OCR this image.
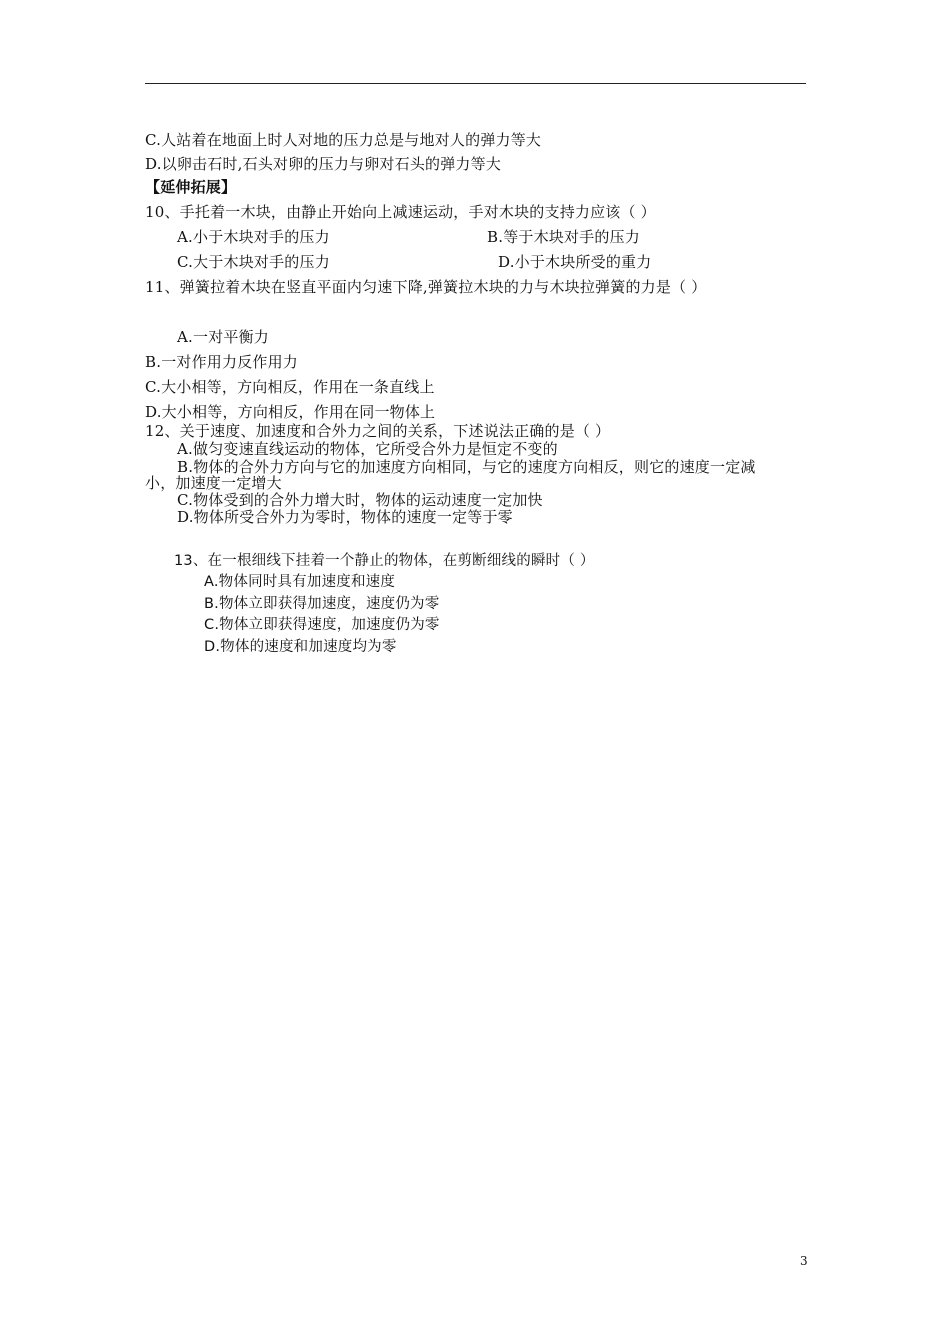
C.人站着在地面上时人对地的压力总是与地对人的弹力等大
D.以卵击石时,石头对卵的压力与卵对石头的弹力等大
【延伸拓展】
10、手托着一木块，由静止开始向上减速运动，手对木块的支持力应该（ ）
A.小于木块对手的压力	B.等于木块对手的压力
C.大于木块对手的压力	D.小于木块所受的重力
11、弹簧拉着木块在竖直平面内匀速下降,弹簧拉木块的力与木块拉弹簧的力是（ ）
A.一对平衡力
B.一对作用力反作用力
C.大小相等，方向相反，作用在一条直线上
D.大小相等，方向相反，作用在同一物体上
12、关于速度、加速度和合外力之间的关系，下述说法正确的是（ ）
A.做匀变速直线运动的物体，它所受合外力是恒定不变的
B.物体的合外力方向与它的加速度方向相同，与它的速度方向相反，则它的速度一定减
小，加速度一定增大
C.物体受到的合外力增大时，物体的运动速度一定加快
D.物体所受合外力为零时，物体的速度一定等于零
13、在一根细线下挂着一个静止的物体，在剪断细线的瞬时（ ）
A.物体同时具有加速度和速度
B.物体立即获得加速度，速度仍为零
C.物体立即获得速度，加速度仍为零
D.物体的速度和加速度均为零
3
